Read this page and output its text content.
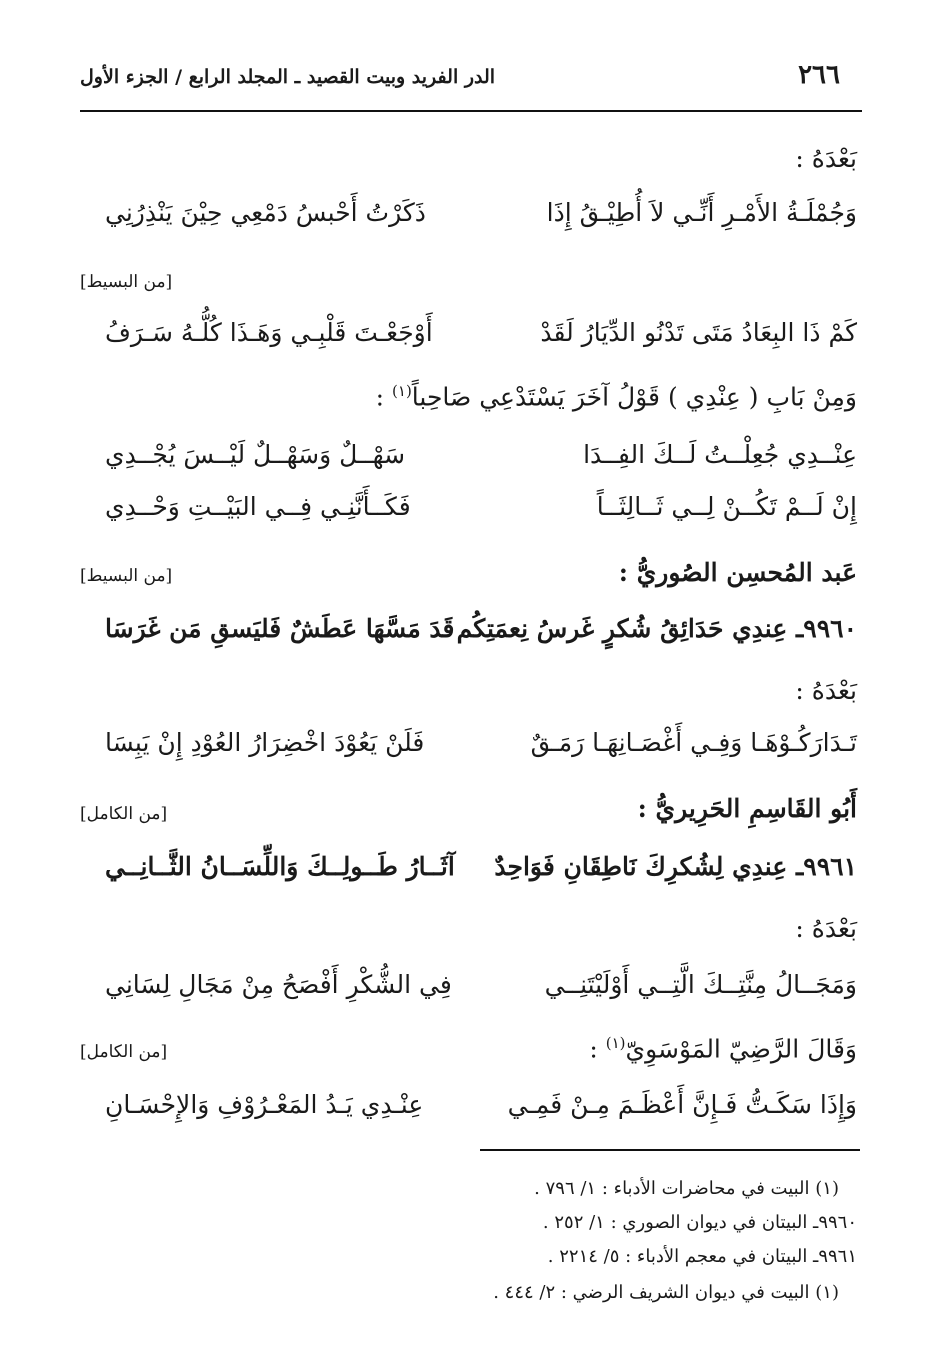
٢٦٦
الدر الفريد وبيت القصيد ـ المجلد الرابع / الجزء الأول
بَعْدَهُ :
وَجُمْلَـةُ الأَمْـرِ أَنِّـي لاَ أُطِيْـقُ إِذَا
ذَكَرْتُ أَحْبسُ دَمْعِي حِيْنَ يَنْذِرُنِي
[من البسيط]
كَمْ ذَا البِعَادُ مَتَى تَدْنُو الدِّيَارُ لَقَدْ
أَوْجَعْـتَ قَلْبِـي وَهَـذَا كُلُّـهُ سَـرَفُ
وَمِنْ بَابِ ( عِنْدِي ) قَوْلُ آخَرَ يَسْتَدْعِي صَاحِباً$^{(١)}$ :
عِنْــدِي جُعِلْــتُ لَــكَ الفِــدَا
سَهْــلٌ وَسَهْــلٌ لَيْــسَ يُجْــدِي
إِنْ لَــمْ تَكُــنْ لِــي ثَــالِثَــاً
فَكَــأَنَّنِـي فِــي البَيْــتِ وَحْــدِي
عَبد المُحسِن الصُوريُّ :
[من البسيط]
٩٩٦٠ـ عِندِي حَدَائِقُ شُكرٍ غَرسُ نِعمَتِكُم
قَدَ مَسَّهَا عَطَشٌ فَليَسقِ مَن غَرَسَا
بَعْدَهُ :
تَـدَارَكُـوْهَـا وَفِـي أَغْصَـانِهَـا رَمَـقٌ
فَلَنْ يَعُوْدَ اخْضِرَارُ العُوْدِ إِنْ يَبِسَا
أَبُو القَاسِمِ الحَرِيريُّ :
[من الكامل]
٩٩٦١ـ عِندِي لِشُكرِكَ نَاطِقَانِ فَوَاحِدٌ
آثَــارُ طَــولِــكَ وَاللِّسَــانُ الثَّــانِــي
بَعْدَهُ :
وَمَجَــالُ مِنَّتِــكَ الَّتِــي أَوْلَيْتَنِــي
فِي الشُّكْرِ أَفْصَحُ مِنْ مَجَالِ لِسَانِي
وَقَالَ الرَّضِيّ المَوْسَوِيّ$^{(١)}$ :
[من الكامل]
وَإِذَا سَكَـتُّ فَـإِنَّ أَعْظَـمَ مِـنْ فَمِـي
عِنْـدِي يَـدُ المَعْـرُوْفِ وَالإِحْسَـانِ
(١) البيت في محاضرات الأدباء : ١/ ٧٩٦ .
٩٩٦٠ـ البيتان في ديوان الصوري : ١/ ٢٥٢ .
٩٩٦١ـ البيتان في معجم الأدباء : ٥/ ٢٢١٤ .
(١) البيت في ديوان الشريف الرضي : ٢/ ٤٤٤ .
